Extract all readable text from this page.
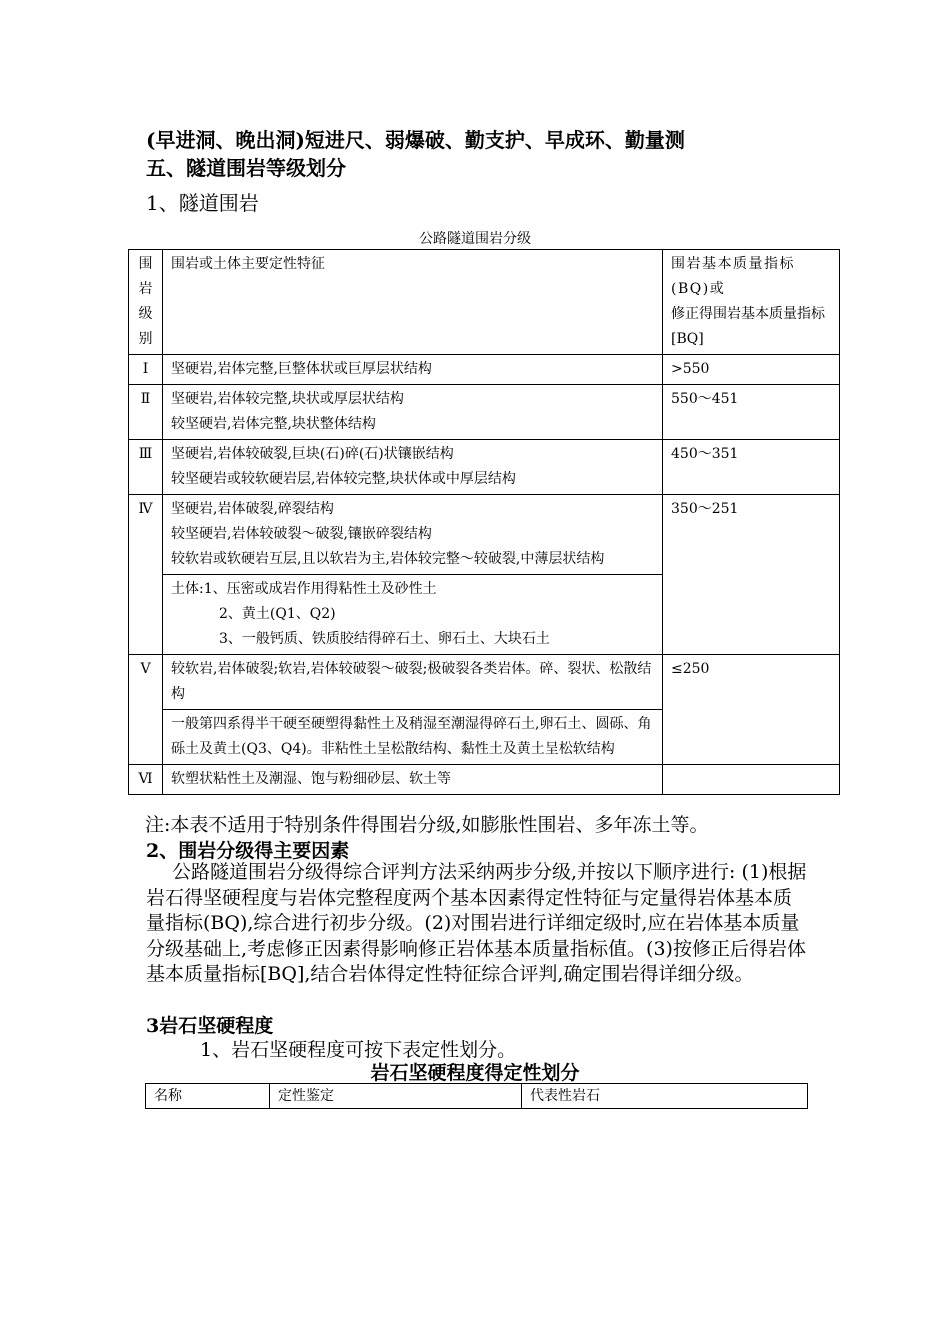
(早进洞、晚出洞)短进尺、弱爆破、勤支护、早成环、勤量测
五、隧道围岩等级划分
1、隧道围岩
公路隧道围岩分级
围
岩
级
别	围岩或土体主要定性特征	围岩基本质量指标(BQ)或
修正得围岩基本质量指标[BQ]

Ⅰ	坚硬岩,岩体完整,巨整体状或巨厚层状结构	>550
Ⅱ	坚硬岩,岩体较完整,块状或厚层状结构
较坚硬岩,岩体完整,块状整体结构	550～451
Ⅲ	坚硬岩,岩体较破裂,巨块(石)碎(石)状镶嵌结构
较坚硬岩或较软硬岩层,岩体较完整,块状体或中厚层结构	450～351
Ⅳ	坚硬岩,岩体破裂,碎裂结构
较坚硬岩,岩体较破裂～破裂,镶嵌碎裂结构
较软岩或软硬岩互层,且以软岩为主,岩体较完整～较破裂,中薄层状结构	350～251

	土体:1、压密或成岩作用得粘性土及砂性土
2、黄土(Q1、Q2)
3、一般钙质、铁质胶结得碎石土、卵石土、大块石土	

Ⅴ	较软岩,岩体破裂;软岩,岩体较破裂～破裂;极破裂各类岩体。碎、裂状、松散结构	≤250

	一般第四系得半干硬至硬塑得黏性土及稍湿至潮湿得碎石土,卵石土、圆砾、角砾土及黄土(Q3、Q4)。非粘性土呈松散结构、黏性土及黄土呈松软结构	

Ⅵ	软塑状粘性土及潮湿、饱与粉细砂层、软土等	

注:本表不适用于特别条件得围岩分级,如膨胀性围岩、多年冻土等。
2、围岩分级得主要因素
公路隧道围岩分级得综合评判方法采纳两步分级,并按以下顺序进行: (1)根据岩石得坚硬程度与岩体完整程度两个基本因素得定性特征与定量得岩体基本质量指标(BQ),综合进行初步分级。(2)对围岩进行详细定级时,应在岩体基本质量分级基础上,考虑修正因素得影响修正岩体基本质量指标值。(3)按修正后得岩体基本质量指标[BQ],结合岩体得定性特征综合评判,确定围岩得详细分级。
3岩石坚硬程度
1、岩石坚硬程度可按下表定性划分。
岩石坚硬程度得定性划分
名称	定性鉴定	代表性岩石
